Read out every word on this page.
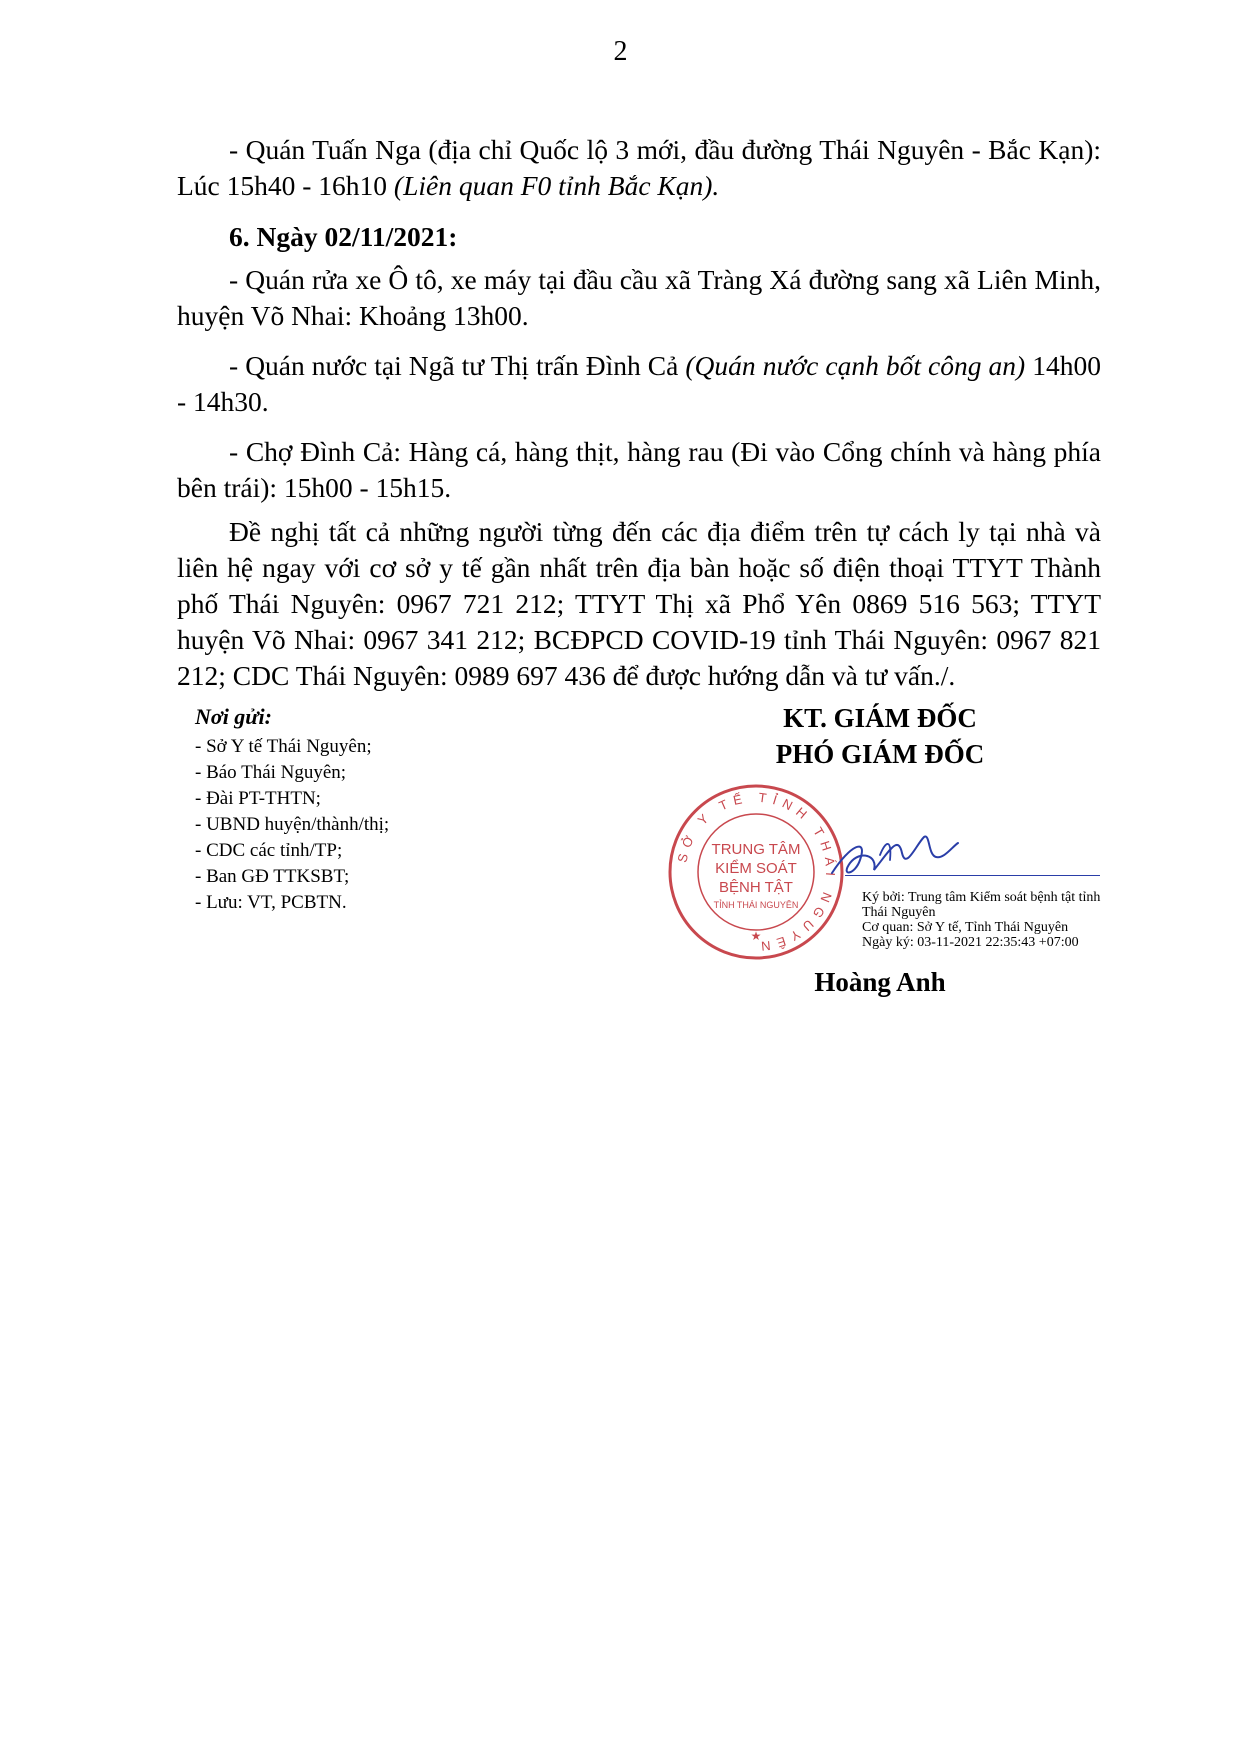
2

- Quán Tuấn Nga (địa chỉ Quốc lộ 3 mới, đầu đường Thái Nguyên - Bắc Kạn): Lúc 15h40 - 16h10 (Liên quan F0 tỉnh Bắc Kạn).

6. Ngày 02/11/2021:

- Quán rửa xe Ô tô, xe máy tại đầu cầu xã Tràng Xá đường sang xã Liên Minh, huyện Võ Nhai: Khoảng 13h00.

- Quán nước tại Ngã tư Thị trấn Đình Cả (Quán nước cạnh bốt công an) 14h00 - 14h30.

- Chợ Đình Cả: Hàng cá, hàng thịt, hàng rau (Đi vào Cổng chính và hàng phía bên trái): 15h00 - 15h15.

Đề nghị tất cả những người từng đến các địa điểm trên tự cách ly tại nhà và liên hệ ngay với cơ sở y tế gần nhất trên địa bàn hoặc số điện thoại TTYT Thành phố Thái Nguyên: 0967 721 212; TTYT Thị xã Phổ Yên 0869 516 563; TTYT huyện Võ Nhai: 0967 341 212; BCĐPCD COVID-19 tỉnh Thái Nguyên: 0967 821 212; CDC Thái Nguyên: 0989 697 436 để được hướng dẫn và tư vấn./.

Nơi gửi:
- Sở Y tế Thái Nguyên;
- Báo Thái Nguyên;
- Đài PT-THTN;
- UBND huyện/thành/thị;
- CDC các tỉnh/TP;
- Ban GĐ TTKSBT;
- Lưu: VT, PCBTN.
KT. GIÁM ĐỐC
PHÓ GIÁM ĐỐC
SỞ Y TẾ TỈNH THÁI NGUYÊN
TRUNG TÂM
KIỂM SOÁT
BỆNH TẬT
TỈNH THÁI NGUYÊN
★
Ký bởi: Trung tâm Kiểm soát bệnh tật tỉnh Thái Nguyên
Cơ quan: Sở Y tế, Tỉnh Thái Nguyên
Ngày ký: 03-11-2021 22:35:43 +07:00
Hoàng Anh
